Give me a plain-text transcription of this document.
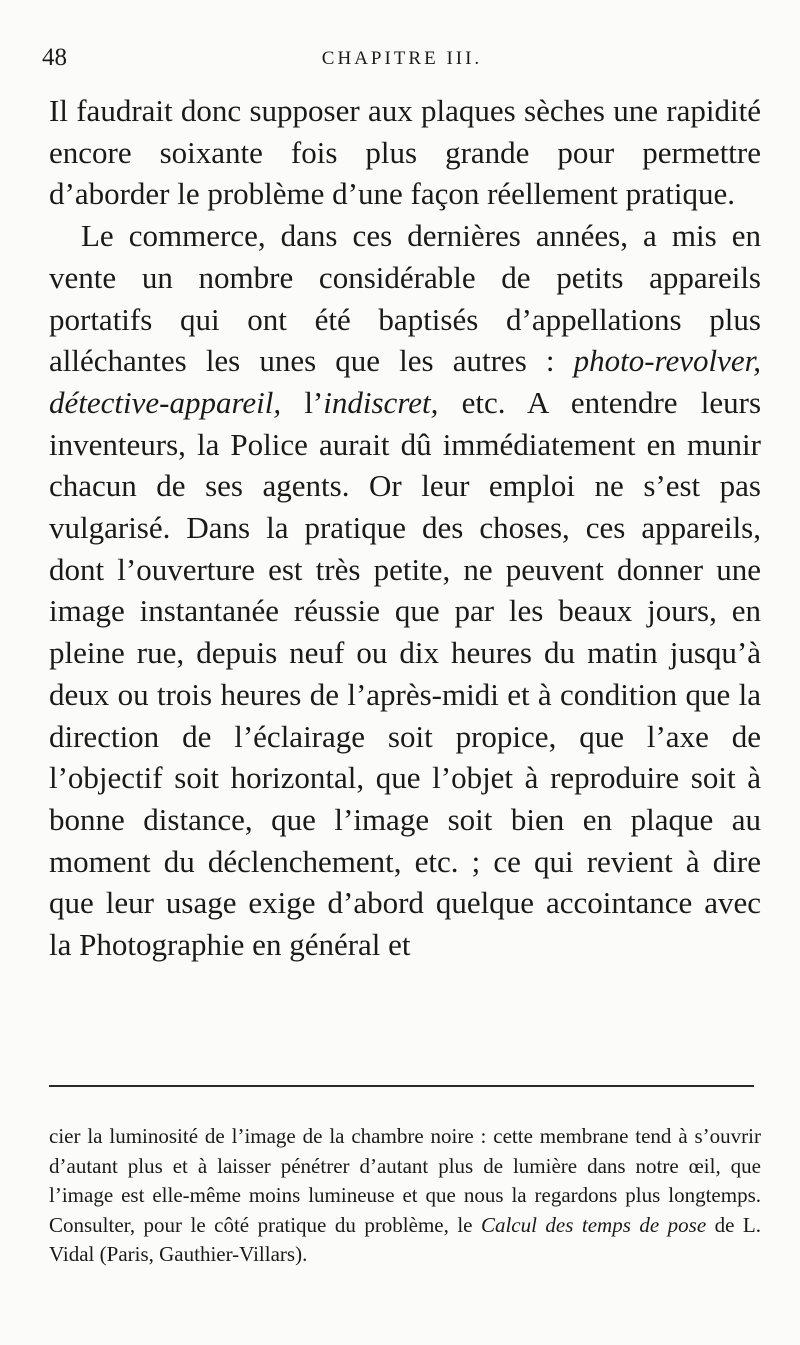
48	CHAPITRE III.

Il faudrait donc supposer aux plaques sèches une rapidité encore soixante fois plus grande pour permettre d’aborder le problème d’une façon réellement pratique.

Le commerce, dans ces dernières années, a mis en vente un nombre considérable de petits appareils portatifs qui ont été baptisés d’appellations plus alléchantes les unes que les autres : photo-revolver, détective-appareil, l’indiscret, etc. A entendre leurs inventeurs, la Police aurait dû immédiatement en munir chacun de ses agents. Or leur emploi ne s’est pas vulgarisé. Dans la pratique des choses, ces appareils, dont l’ouverture est très petite, ne peuvent donner une image instantanée réussie que par les beaux jours, en pleine rue, depuis neuf ou dix heures du matin jusqu’à deux ou trois heures de l’après-midi et à condition que la direction de l’éclairage soit propice, que l’axe de l’objectif soit horizontal, que l’objet à reproduire soit à bonne distance, que l’image soit bien en plaque au moment du déclenchement, etc. ; ce qui revient à dire que leur usage exige d’abord quelque accointance avec la Photographie en général et

cier la luminosité de l’image de la chambre noire : cette membrane tend à s’ouvrir d’autant plus et à laisser pénétrer d’autant plus de lumière dans notre œil, que l’image est elle-même moins lumineuse et que nous la regardons plus longtemps. Consulter, pour le côté pratique du problème, le Calcul des temps de pose de L. Vidal (Paris, Gauthier-Villars).
